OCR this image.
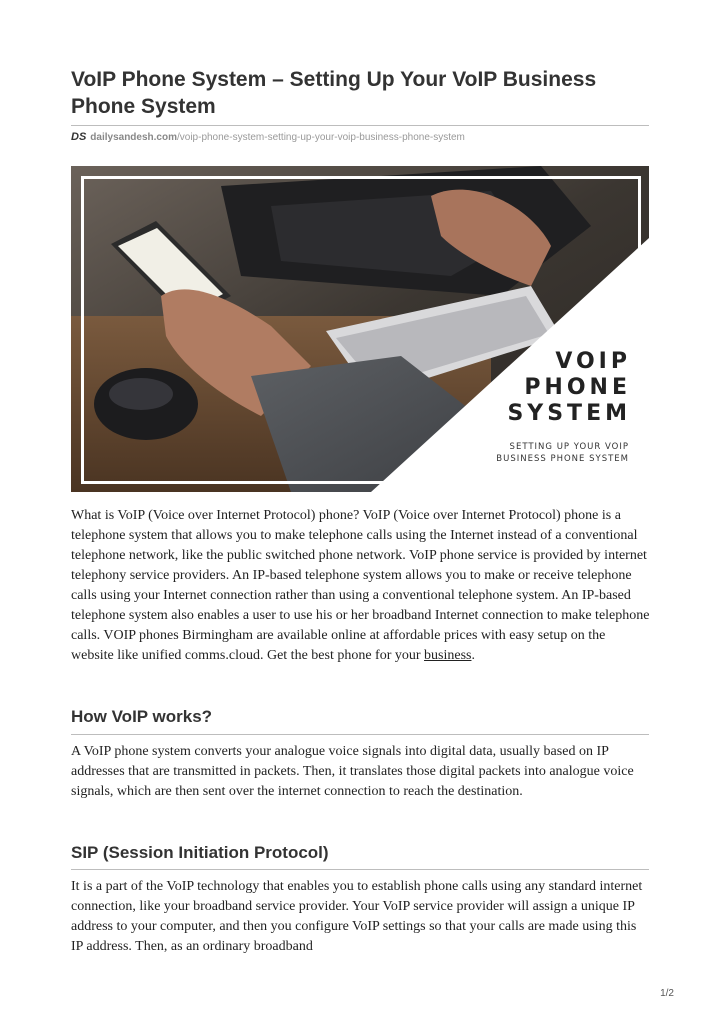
VoIP Phone System – Setting Up Your VoIP Business Phone System
DS dailysandesh.com/voip-phone-system-setting-up-your-voip-business-phone-system
VOIP
PHONE
SYSTEM
SETTING UP YOUR VOIP
BUSINESS PHONE SYSTEM

What is VoIP (Voice over Internet Protocol) phone? VoIP (Voice over Internet Protocol) phone is a telephone system that allows you to make telephone calls using the Internet instead of a conventional telephone network, like the public switched phone network. VoIP phone service is provided by internet telephony service providers. An IP-based telephone system allows you to make or receive telephone calls using your Internet connection rather than using a conventional telephone system. An IP-based telephone system also enables a user to use his or her broadband Internet connection to make telephone calls. VOIP phones Birmingham are available online at affordable prices with easy setup on the website like unified comms.cloud. Get the best phone for your business.

How VoIP works?

A VoIP phone system converts your analogue voice signals into digital data, usually based on IP addresses that are transmitted in packets. Then, it translates those digital packets into analogue voice signals, which are then sent over the internet connection to reach the destination.

SIP (Session Initiation Protocol)

It is a part of the VoIP technology that enables you to establish phone calls using any standard internet connection, like your broadband service provider. Your VoIP service provider will assign a unique IP address to your computer, and then you configure VoIP settings so that your calls are made using this IP address. Then, as an ordinary broadband

1/2
